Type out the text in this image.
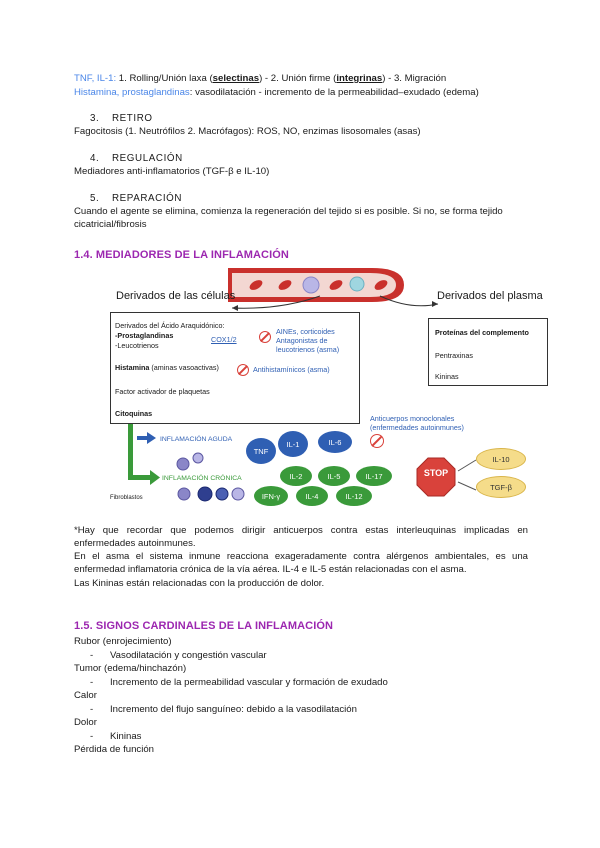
TNF, IL-1: 1. Rolling/Unión laxa (selectinas) - 2. Unión firme (integrinas) - 3. Migración
Histamina, prostaglandinas: vasodilatación - incremento de la permeabilidad–exudado (edema)
3. RETIRO
Fagocitosis (1. Neutrófilos 2. Macrófagos): ROS, NO, enzimas lisosomales (asas)
4. REGULACIÓN
Mediadores anti-inflamatorios (TGF-β e IL-10)
5. REPARACIÓN
Cuando el agente se elimina, comienza la regeneración del tejido si es posible. Si no, se forma tejido cicatricial/fibrosis
1.4. MEDIADORES DE LA INFLAMACIÓN
Derivados de las células	Derivados del plasma
Derivados del Ácido Araquidónico:
-Prostaglandinas
-Leucotrienos
COX1/2
AINEs, corticoides
Antagonistas de
leucotrienos (asma)
Histamina (aminas vasoactivas)	Antihistamínicos (asma)
Factor activador de plaquetas
Citoquinas
Proteínas del complemento
Pentraxinas
Kininas
Anticuerpos monoclonales
(enfermedades autoinmunes)
INFLAMACIÓN AGUDA
INFLAMACIÓN CRÓNICA
Fibroblastos
TNF
IL-1	IL-6
IL-2	IL-5	IL-17
IFN-γ	IL-4	IL-12
STOP
IL-10
TGF-β
*Hay que recordar que podemos dirigir anticuerpos contra estas interleuquinas implicadas en enfermedades autoinmunes.
En el asma el sistema inmune reacciona exageradamente contra alérgenos ambientales, es una enfermedad inflamatoria crónica de la vía aérea. IL-4 e IL-5 están relacionadas con el asma.
Las Kininas están relacionadas con la producción de dolor.
1.5. SIGNOS CARDINALES DE LA INFLAMACIÓN
Rubor (enrojecimiento)
- Vasodilatación y congestión vascular
Tumor (edema/hinchazón)
- Incremento de la permeabilidad vascular y formación de exudado
Calor
- Incremento del flujo sanguíneo: debido a la vasodilatación
Dolor
- Kininas
Pérdida de función
